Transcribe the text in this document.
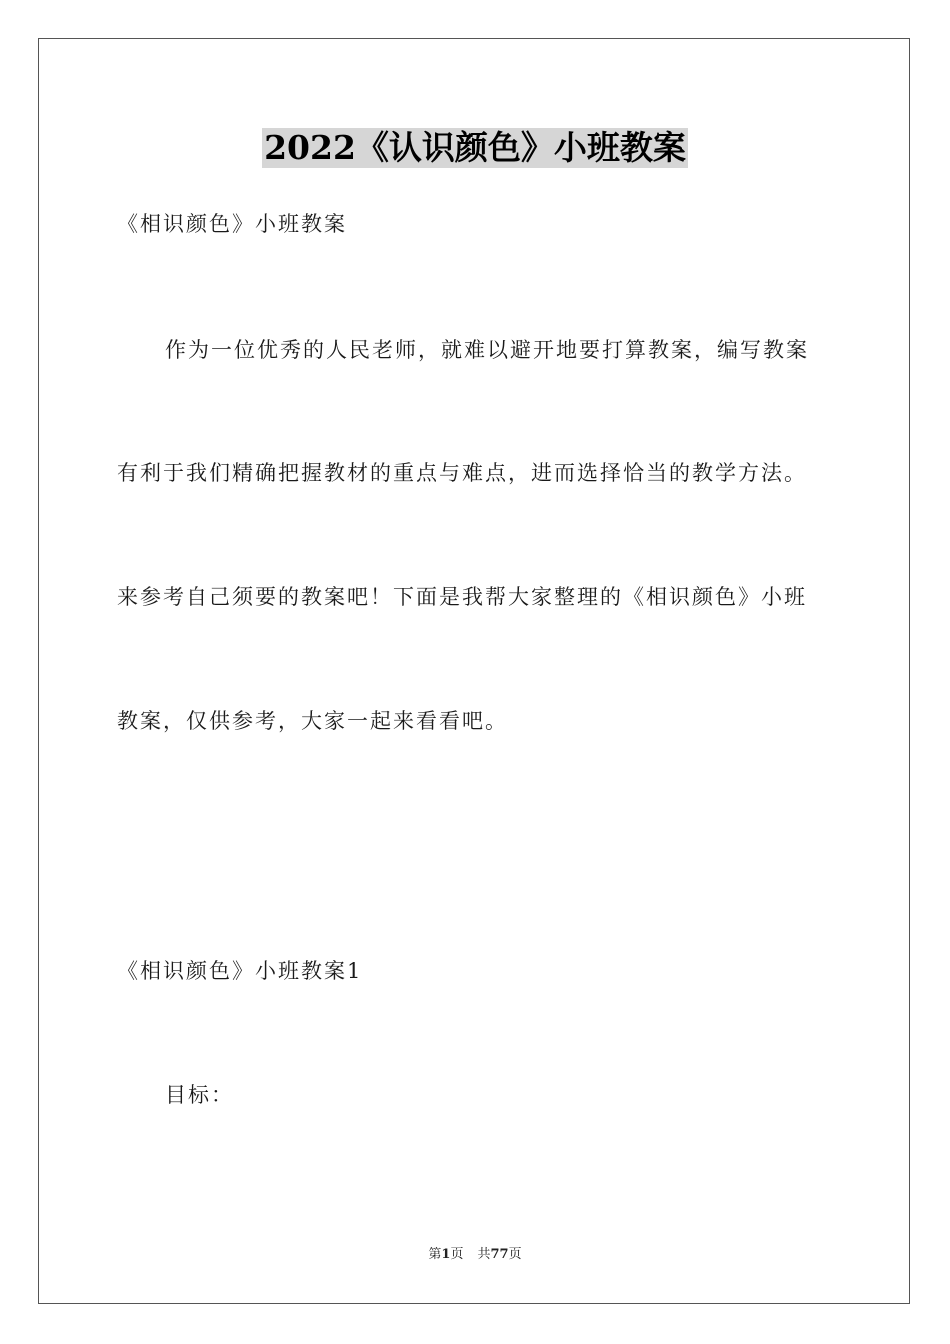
2022《认识颜色》小班教案
《相识颜色》小班教案
作为一位优秀的人民老师，就难以避开地要打算教案，编写教案
有利于我们精确把握教材的重点与难点，进而选择恰当的教学方法。
来参考自己须要的教案吧！下面是我帮大家整理的《相识颜色》小班
教案，仅供参考，大家一起来看看吧。
《相识颜色》小班教案1
目标：
第1页 共77页
